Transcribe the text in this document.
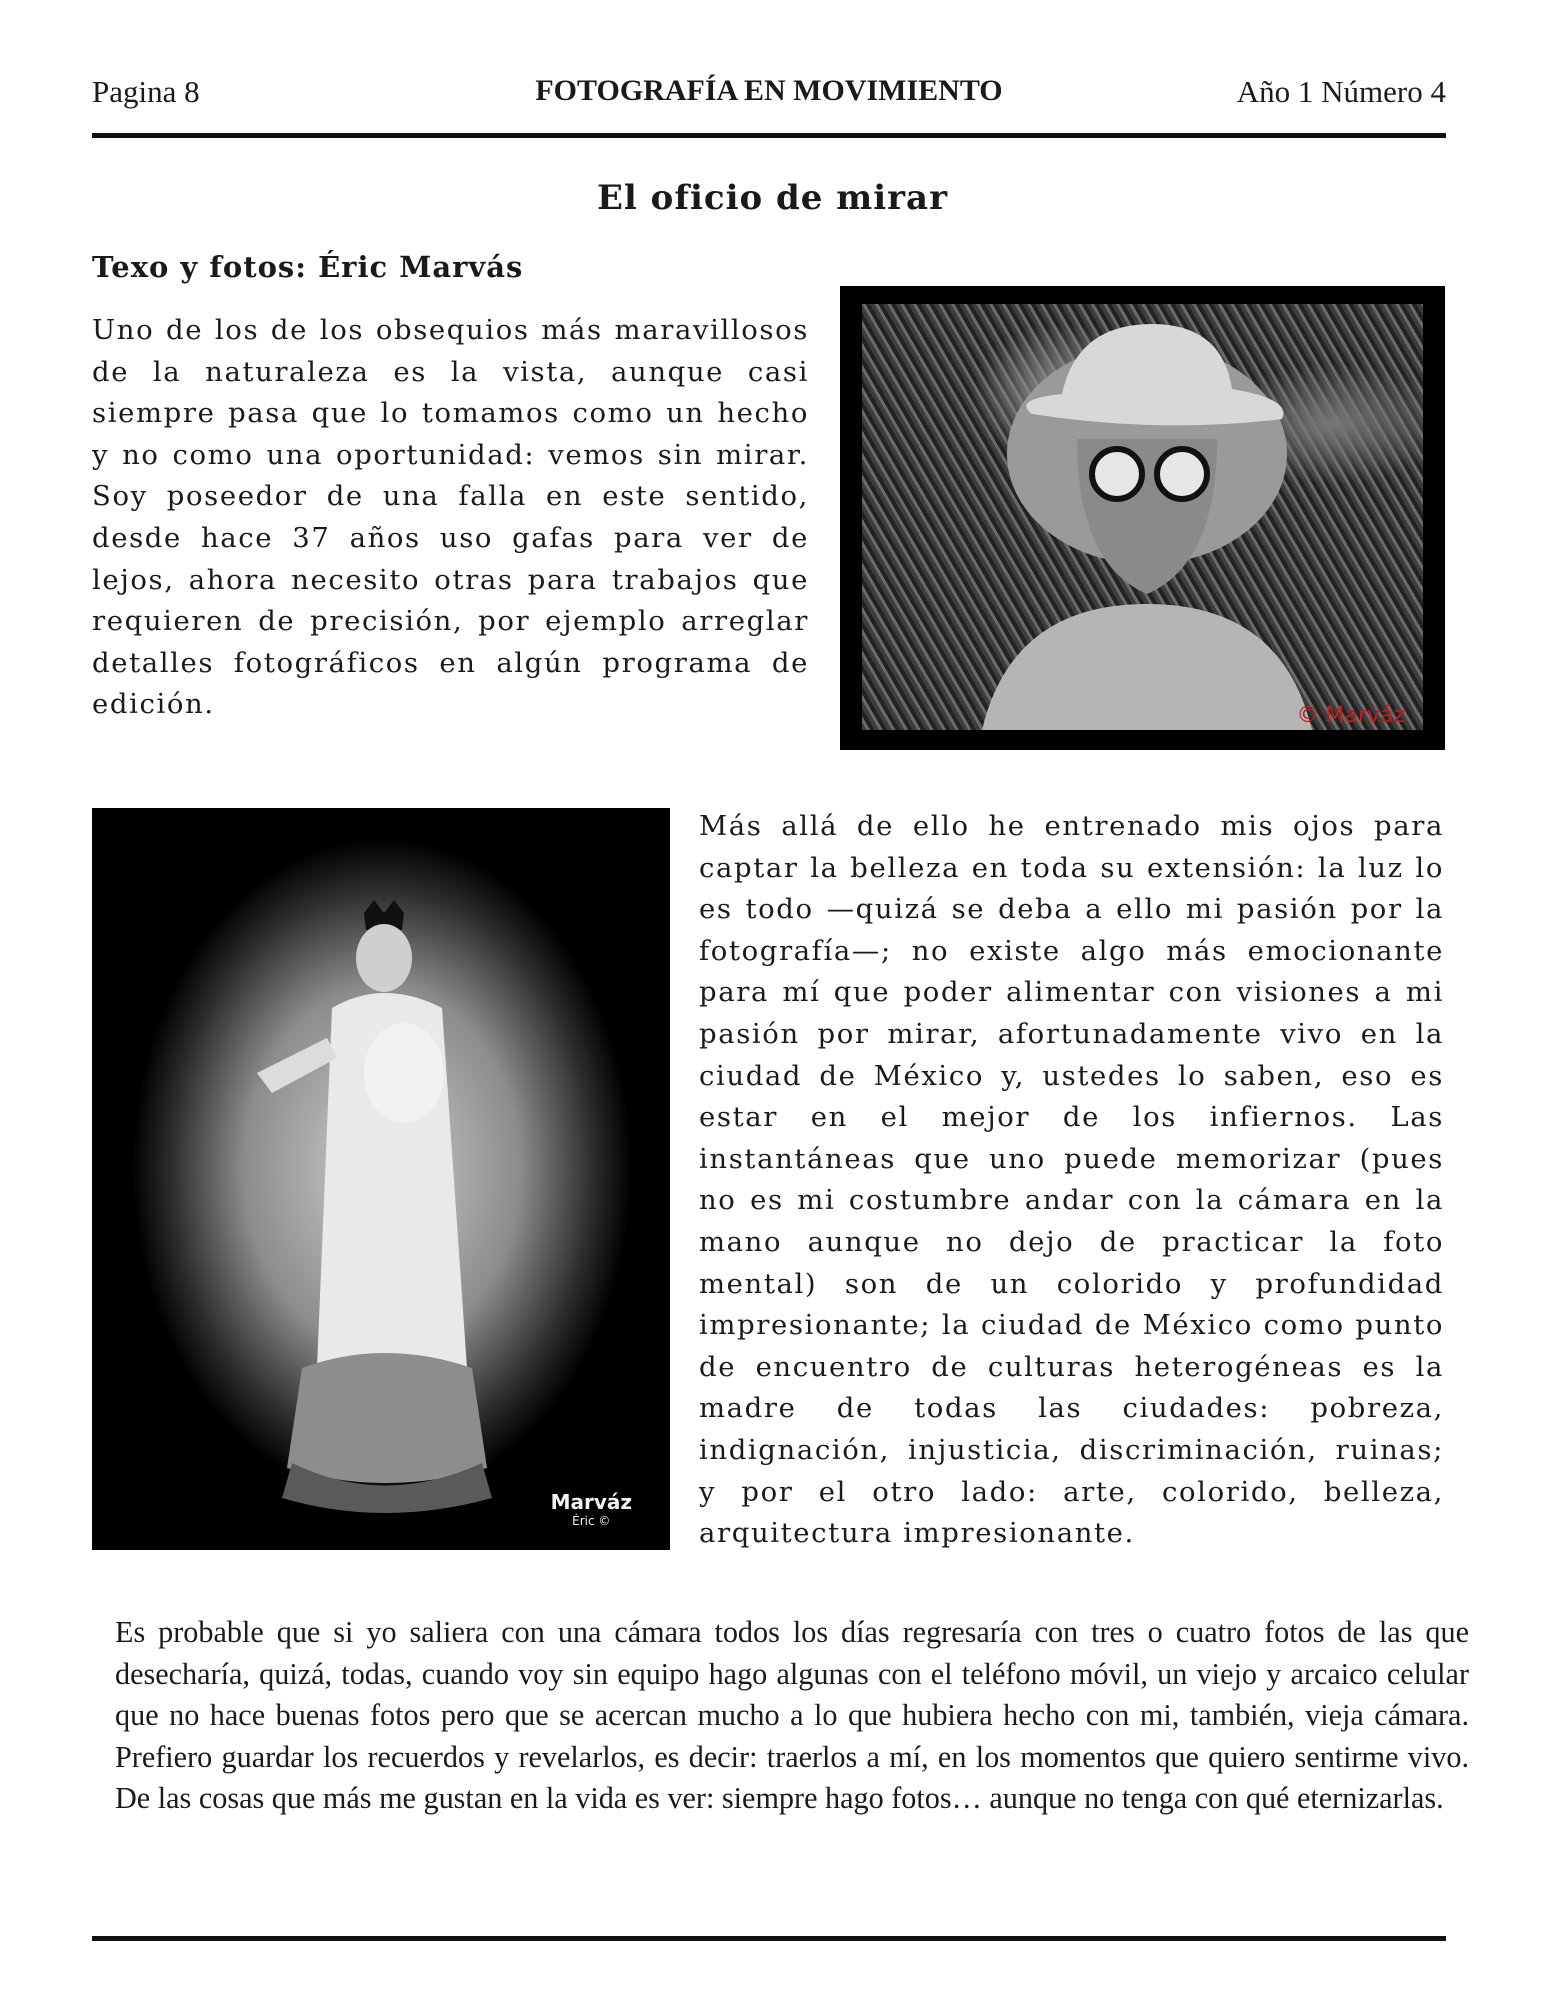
FOTOGRAFÍA EN MOVIMIENTO
Pagina 8	Año 1 Número 4
El oficio de mirar
Texo y fotos: Éric Marvás
Uno de los de los obsequios más maravillosos de la naturaleza es la vista, aunque casi siempre pasa que lo tomamos como un hecho y no como una oportunidad: vemos sin mirar. Soy poseedor de una falla en este sentido, desde hace 37 años uso gafas para ver de lejos, ahora necesito otras para trabajos que requieren de precisión, por ejemplo arreglar detalles fotográficos en algún programa de edición.	© Marváz
Marváz
Éric ©
Más allá de ello he entrenado mis ojos para captar la belleza en toda su extensión: la luz lo es todo —quizá se deba a ello mi pasión por la fotografía—; no existe algo más emocionante para mí que poder alimentar con visiones a mi pasión por mirar, afortunadamente vivo en la ciudad de México y, ustedes lo saben, eso es estar en el mejor de los infiernos. Las instantáneas que uno puede memorizar (pues no es mi costumbre andar con la cámara en la mano aunque no dejo de practicar la foto mental) son de un colorido y profundidad impresionante; la ciudad de México como punto de encuentro de culturas heterogéneas es la madre de todas las ciudades: pobreza, indignación, injusticia, discriminación, ruinas; y por el otro lado: arte, colorido, belleza, arquitectura impresionante.
Es probable que si yo saliera con una cámara todos los días regresaría con tres o cuatro fotos de las que desecharía, quizá, todas, cuando voy sin equipo hago algunas con el teléfono móvil, un viejo y arcaico celular que no hace buenas fotos pero que se acercan mucho a lo que hubiera hecho con mi, también, vieja cámara. Prefiero guardar los recuerdos y revelarlos, es decir: traerlos a mí, en los momentos que quiero sentirme vivo. De las cosas que más me gustan en la vida es ver: siempre hago fotos… aunque no tenga con qué eternizarlas.
